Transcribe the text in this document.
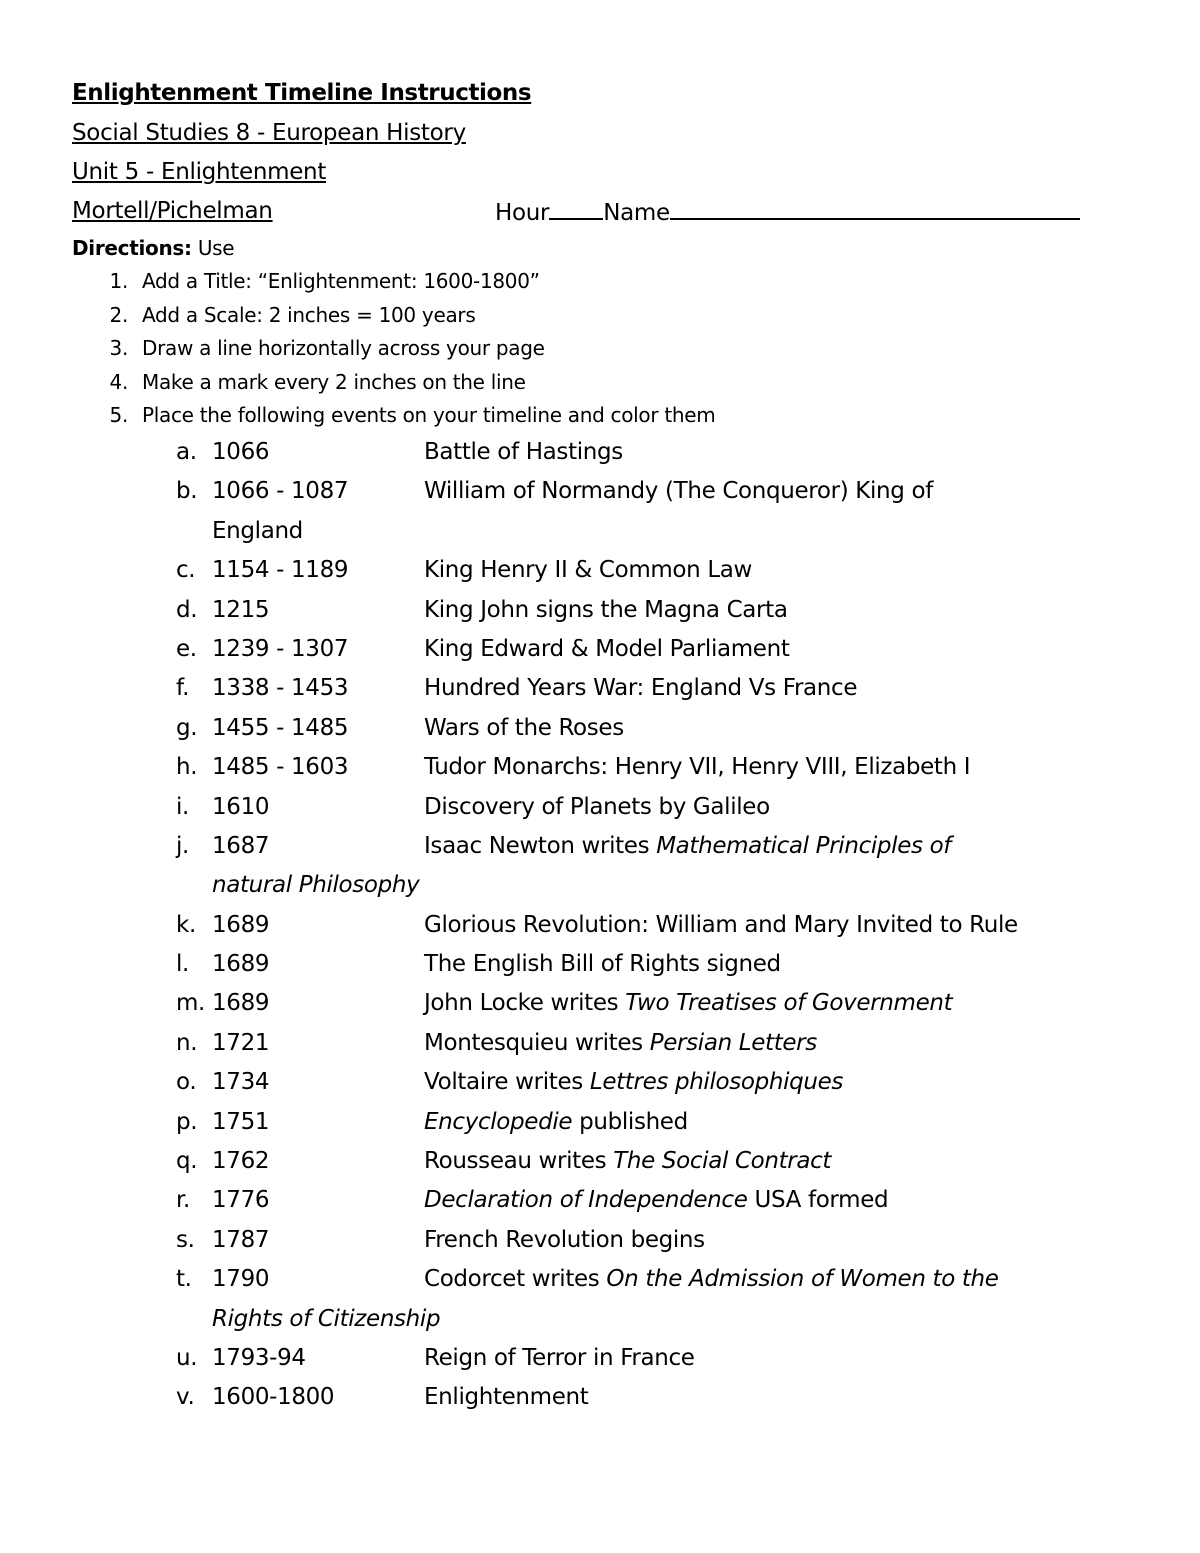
Enlightenment Timeline Instructions
Social Studies 8 - European History
Unit 5 - Enlightenment
Mortell/Pichelman	Hour Name
Directions: Use
1. Add a Title: “Enlightenment: 1600-1800”
2. Add a Scale: 2 inches = 100 years
3. Draw a line horizontally across your page
4. Make a mark every 2 inches on the line
5. Place the following events on your timeline and color them
a. 1066	Battle of Hastings
b. 1066 - 1087	William of Normandy (The Conqueror) King of
England
c. 1154 - 1189	King Henry II & Common Law
d. 1215	King John signs the Magna Carta
e. 1239 - 1307	King Edward & Model Parliament
f. 1338 - 1453	Hundred Years War: England Vs France
g. 1455 - 1485	Wars of the Roses
h. 1485 - 1603	Tudor Monarchs: Henry VII, Henry VIII, Elizabeth I
i. 1610	Discovery of Planets by Galileo
j. 1687	Isaac Newton writes Mathematical Principles of
natural Philosophy
k. 1689	Glorious Revolution: William and Mary Invited to Rule
l. 1689	The English Bill of Rights signed
m. 1689	John Locke writes Two Treatises of Government
n. 1721	Montesquieu writes Persian Letters
o. 1734	Voltaire writes Lettres philosophiques
p. 1751	Encyclopedie published
q. 1762	Rousseau writes The Social Contract
r. 1776	Declaration of Independence USA formed
s. 1787	French Revolution begins
t. 1790	Codorcet writes On the Admission of Women to the
Rights of Citizenship
u. 1793-94	Reign of Terror in France
v. 1600-1800	Enlightenment
